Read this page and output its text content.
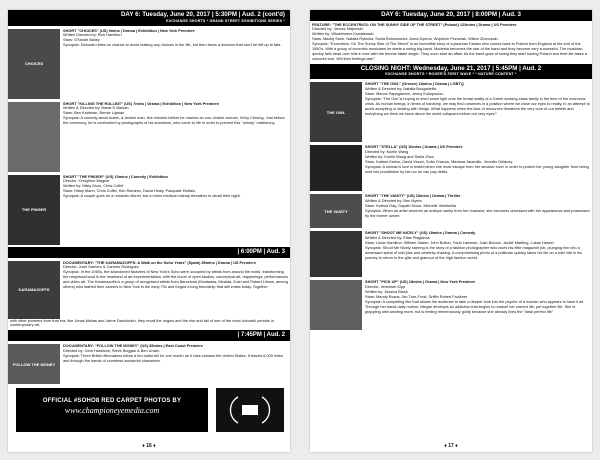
DAY 6: Tuesday, June 20, 2017 | 5:30PM | Aud. 2 (cont'd)
EXCHANGE SHORTS * GRAND STREET EXHIBITIONS SERIES *
CHOICES
SHORT "CHOICES" (US) 9mins | Drama | Exhibition | New York Premiere
Written Directed by: Rick Hamilton
Stars: O'Norah Bailey
Synopsis: Deborah relies on chance to avoid making any choices in her life, but then faces a decision that can't be left up to fate.
SHORT "KILLING THE ROLLBIT" (US) 7mins | Drama | Exhibition | New York Premiere
Written & Directed by: Barak D Barkan
Stars: Ben Kaufman, Bernie Ligman
Synopsis: A comedy about Adam, a Jewish man, five minutes before he marries an non-Jewish woman, Vicky Cheung. Just before the ceremony, he is confronted by photographs of his ancestors, who come to life in order to prevent this "unholy" matrimony.
THE FINGER
SHORT "THE FINGER" (US) 10mins | Comedy | Exhibition
Director: Creighton Wagner
Written by: Misty Moro, Chris Coffel
Stars: Hilary Mann, Chris Coffel, Kim Ramirez, David Healy, Pasquale Divitalo
Synopsis: A couple goes for a romantic dinner, but a minor medical mishap threatens to derail their night.
| 6:00PM | Aud. 3
KARAMAZOFFS
DOCUMENTARY: "THE KARAMAZOFFS: A Walk on the Soho Years" (Spain) 85mins | Drama | US Premiere
Director: Juan Gamero & Carmen Rodriguez
Synopsis: In the 1960s, the abandoned factories of New York's Soho were occupied by artists from around the world, transforming the neighbourhood in the heartland of art experimentation, with the boom of open studios, conceptual art, happenings, performances and video art. The Karamazoffs is a group of recognised artists from Barcelona (Muntadas, Miralda, Zush and Robert Llimos, among others) who started their careers in New York in the early 70s and forged a long friendship that still exists today. Together
with other pioneers from that era, like Jonas Mekas and Jaime Davidovich, they recall the origins and the rise and fall of one of the most colourful periods in contemporary art.
| 7:45PM | Aud. 2
FOLLOW THE MONEY
DOCUMENTARY: "FOLLOW THE MONEY" (US) 85mins | East Coast Premiere
Directed by: John Hardwick, Steve Boggan & Ben Unwin
Synopsis: Three British filmmakers follow a ten dollar bill for one month as it criss crosses the United States. It travels 6,000 miles and through the hands of countless wonderful characters.
OFFICIAL #SOHO8 RED CARPET PHOTOS BY
www.championeyemedia.com
♦ 16 ♦
DAY 6: Tuesday, June 20, 2017 | 8:00PM | Aud. 3
FEATURE: "THE ECCENTRICS: ON THE SUNNY SIDE OF THE STREET" (Poland) 123mins | Drama | US Premiere
Directed by: Janusz Majewski
Written by: Włodzimierz Kowalewski
Stars: Maciej Stuhr, Natalia Rybicka, Sonia Bohosiewicz, Anna Dymna, Wojciech Pszoniak, Wiktor Zborowski
Synopsis: "Eccentrics. On The Sunny Side of The Street" is an incredible story of a jazzman Fabian who comes back to Poland from England at the end of the 1950's. With a group of eccentric musicians he starts a swing big-band. Modesta becomes the star of the band and they become very successful. The musician quickly falls head over hills in love with the femme fatale singer. They soon start an affair. As the band goes of swing they start touring Poland and their life takes a colourful turn. Will their feelings last?
CLOSING NIGHT: Wednesday, June 21, 2017 | 5:45PM | Aud. 2
EXCHANGE SHORTS * ROGER'S FIRST WAVE * * NATURE CONTENT *
THE OWL
SHORT "THE OWL" (Greece) 18mins | Drama | LGBTQ
Written & Directed by: Natalia Bougadellis
Stars: Manos Papagiannis, Jenny Koliopoulou
Synopsis: 'The Owl' is hoping to shed some light onto the brutal reality of a Greek working-class family in the time of the economic crisis. As human beings, in times of hardship, we may find ourselves in a position where we close our eyes to reality, in an attempt to avoid accepting or dealing with things. What happens when the lack of resources threatens the very core of our beliefs and everything we think we know about the world collapses before our very eyes?
SHORT "STELLA" (US) 10mins | Drama | US Premiere
Directed by: Kunlin Wang
Written by: Kunlin Wang and Stella Zhou
Stars: Katrine Keiton, David Vesch, Sofia Chacon, Mariana Jaramillo, Jennifer Delaney
Synopsis: A woman's love is tested when she must escape from her abusive lover in order to protect her young daughter from being sold into prostitution by him so he can pay debts.
THE VANITY
SHORT "THE VANITY" (US) 15mins | Drama | Thriller
Written & Directed by: Ben Myers
Stars: Katrina Day, Gayatri Dixon, Michelle Veintimilla
Synopsis: When an artist receives an antique vanity from her husband, she becomes obsessed with her appearance and possessed by the former owner.
SHORT "SHOOT ME NICELY" (US) 18mins | Drama | Comedy
Written & Directed by: Elias Plagianos
Stars: Linda Hamilton, William Sadler, John Bolton, Tosin Lawman, Josh Burrow, Jackie Martling, Lukas Hassel
Synopsis: Shoot Me Nicely starring is the story of a fashion photographer who loses his elite magazine job, plunging him into a downward spiral of odd jobs and celebrity chasing. A compromising photo of a politician quickly takes his life on a wild ride in his journey to return to the glitz and glamour of the high fashion world.
SHORT "PICK UP" (US) 18mins | Drama | New York Premiere
Director: Jeremiah Kipp
Written by: Jessica Blank
Stars: Mandy Evans, Jim True-Frost, Griffin Robert Faulkner
Synopsis: A compelling film that allows the audience to take a deeper look into the psyche of a woman who appears to have it all. Through her banal daily routine, Megan develops an addiction that begins to unravel her current life; put together life. She is grappling with wanting more, but is feeling tremendously guilty because she already lives the "ideal perfect life".
♦ 17 ♦
